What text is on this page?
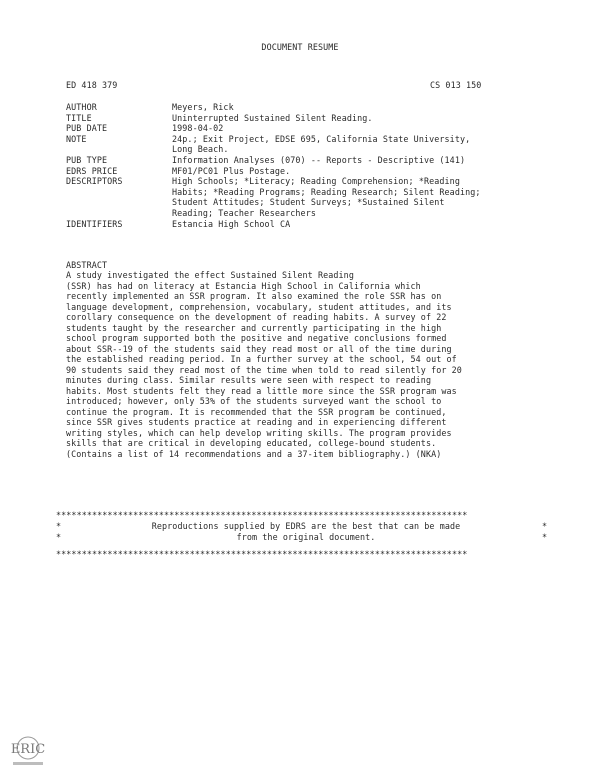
DOCUMENT RESUME
ED 418 379	CS 013 150
AUTHOR	Meyers, Rick
TITLE	Uninterrupted Sustained Silent Reading.
PUB DATE	1998-04-02
NOTE	24p.; Exit Project, EDSE 695, California State University,
Long Beach.
PUB TYPE	Information Analyses (070) -- Reports - Descriptive (141)
EDRS PRICE	MF01/PC01 Plus Postage.
DESCRIPTORS	High Schools; *Literacy; Reading Comprehension; *Reading
Habits; *Reading Programs; Reading Research; Silent Reading;
Student Attitudes; Student Surveys; *Sustained Silent
Reading; Teacher Researchers
IDENTIFIERS	Estancia High School CA
ABSTRACT
A study investigated the effect Sustained Silent Reading
(SSR) has had on literacy at Estancia High School in California which
recently implemented an SSR program. It also examined the role SSR has on
language development, comprehension, vocabulary, student attitudes, and its
corollary consequence on the development of reading habits. A survey of 22
students taught by the researcher and currently participating in the high
school program supported both the positive and negative conclusions formed
about SSR--19 of the students said they read most or all of the time during
the established reading period. In a further survey at the school, 54 out of
90 students said they read most of the time when told to read silently for 20
minutes during class. Similar results were seen with respect to reading
habits. Most students felt they read a little more since the SSR program was
introduced; however, only 53% of the students surveyed want the school to
continue the program. It is recommended that the SSR program be continued,
since SSR gives students practice at reading and in experiencing different
writing styles, which can help develop writing skills. The program provides
skills that are critical in developing educated, college-bound students.
(Contains a list of 14 recommendations and a 37-item bibliography.) (NKA)
********************************************************************************
*	Reproductions supplied by EDRS are the best that can be made	*
*	from the original document.	*
********************************************************************************
ERIC
